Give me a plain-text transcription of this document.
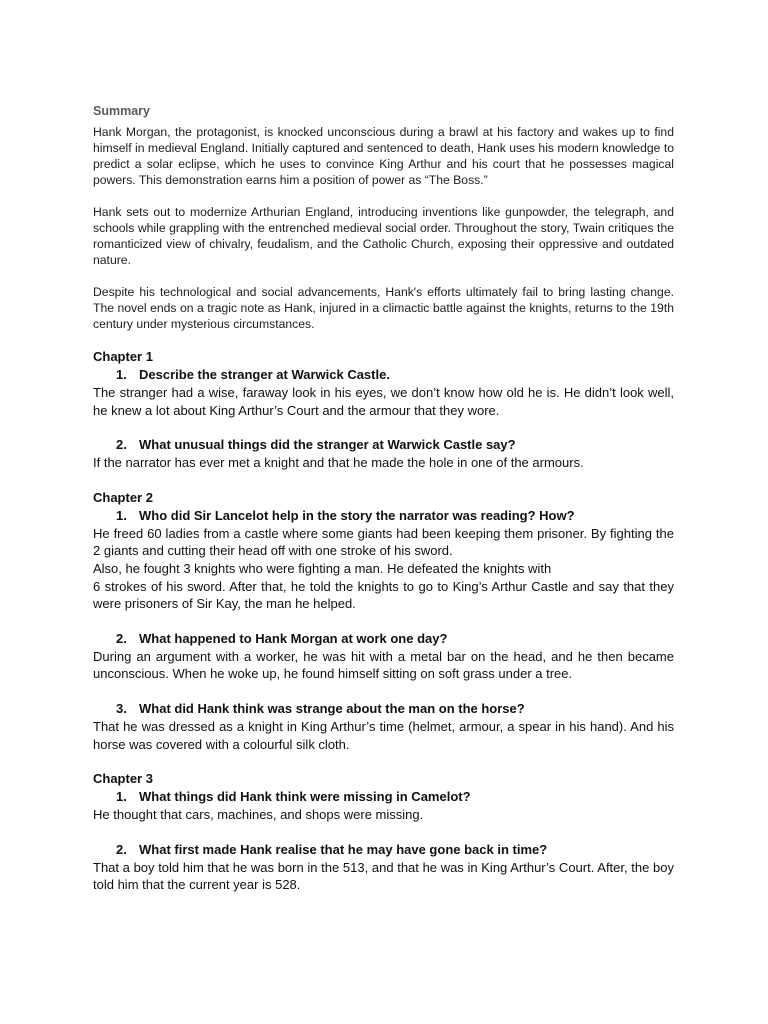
Summary

Hank Morgan, the protagonist, is knocked unconscious during a brawl at his factory and wakes up to find himself in medieval England. Initially captured and sentenced to death, Hank uses his modern knowledge to predict a solar eclipse, which he uses to convince King Arthur and his court that he possesses magical powers. This demonstration earns him a position of power as “The Boss.”

Hank sets out to modernize Arthurian England, introducing inventions like gunpowder, the telegraph, and schools while grappling with the entrenched medieval social order. Throughout the story, Twain critiques the romanticized view of chivalry, feudalism, and the Catholic Church, exposing their oppressive and outdated nature.

Despite his technological and social advancements, Hank's efforts ultimately fail to bring lasting change. The novel ends on a tragic note as Hank, injured in a climactic battle against the knights, returns to the 19th century under mysterious circumstances.

Chapter 1

1. Describe the stranger at Warwick Castle.

The stranger had a wise, faraway look in his eyes, we don’t know how old he is. He didn’t look well, he knew a lot about King Arthur’s Court and the armour that they wore.

2. What unusual things did the stranger at Warwick Castle say?

If the narrator has ever met a knight and that he made the hole in one of the armours.

Chapter 2

1. Who did Sir Lancelot help in the story the narrator was reading? How?

He freed 60 ladies from a castle where some giants had been keeping them prisoner. By fighting the 2 giants and cutting their head off with one stroke of his sword.
Also, he fought 3 knights who were fighting a man. He defeated the knights with
6 strokes of his sword. After that, he told the knights to go to King’s Arthur Castle and say that they were prisoners of Sir Kay, the man he helped.

2. What happened to Hank Morgan at work one day?

During an argument with a worker, he was hit with a metal bar on the head, and he then became unconscious. When he woke up, he found himself sitting on soft grass under a tree.

3. What did Hank think was strange about the man on the horse?

That he was dressed as a knight in King Arthur’s time (helmet, armour, a spear in his hand). And his horse was covered with a colourful silk cloth.

Chapter 3

1. What things did Hank think were missing in Camelot?

He thought that cars, machines, and shops were missing.

2. What first made Hank realise that he may have gone back in time?

That a boy told him that he was born in the 513, and that he was in King Arthur’s Court. After, the boy told him that the current year is 528.
